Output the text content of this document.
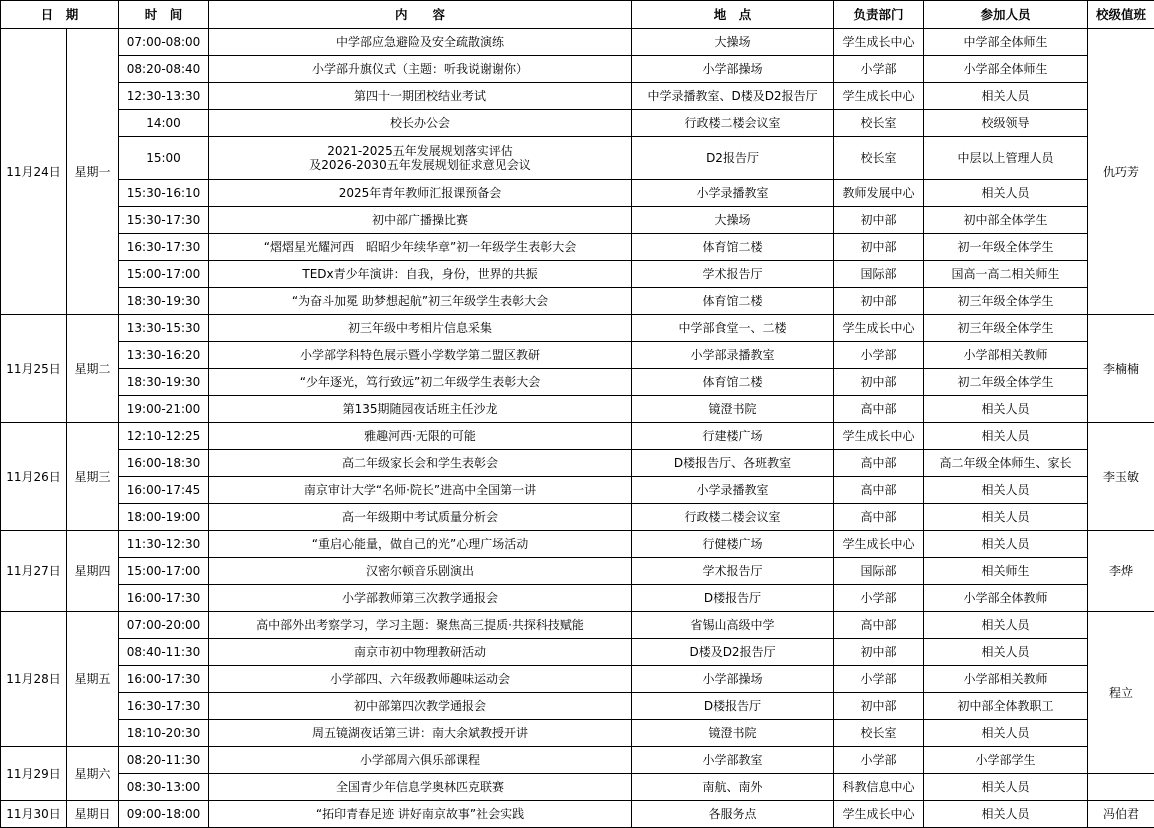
日　期		时　间	内　　容	地　点	负责部门	参加人员	校级值班	
11月24日	星期一	07:00-08:00	中学部应急避险及安全疏散演练	大操场	学生成长中心	中学部全体师生	仇巧芳	
		08:20-08:40	小学部升旗仪式（主题：听我说谢谢你）	小学部操场	小学部	小学部全体师生		
		12:30-13:30	第四十一期团校结业考试	中学录播教室、D楼及D2报告厅	学生成长中心	相关人员		
		14:00	校长办公会	行政楼二楼会议室	校长室	校级领导		
		15:00	2021-2025五年发展规划落实评估
及2026-2030五年发展规划征求意见会议	D2报告厅	校长室	中层以上管理人员		
		15:30-16:10	2025年青年教师汇报课预备会	小学录播教室	教师发展中心	相关人员		
		15:30-17:30	初中部广播操比赛	大操场	初中部	初中部全体学生		
		16:30-17:30	“熠熠星光耀河西　昭昭少年续华章”初一年级学生表彰大会	体育馆二楼	初中部	初一年级全体学生		
		15:00-17:00	TEDx青少年演讲：自我，身份，世界的共振	学术报告厅	国际部	国高一高二相关师生		
		18:30-19:30	“为奋斗加冕 助梦想起航”初三年级学生表彰大会	体育馆二楼	初中部	初三年级全体学生		
11月25日	星期二	13:30-15:30	初三年级中考相片信息采集	中学部食堂一、二楼	学生成长中心	初三年级全体学生	李楠楠	
		13:30-16:20	小学部学科特色展示暨小学数学第二盟区教研	小学部录播教室	小学部	小学部相关教师		
		18:30-19:30	“少年逐光，笃行致远”初二年级学生表彰大会	体育馆二楼	初中部	初二年级全体学生		
		19:00-21:00	第135期随园夜话班主任沙龙	镜澄书院	高中部	相关人员		
11月26日	星期三	12:10-12:25	雅趣河西·无限的可能	行建楼广场	学生成长中心	相关人员	李玉敏	
		16:00-18:30	高二年级家长会和学生表彰会	D楼报告厅、各班教室	高中部	高二年级全体师生、家长		
		16:00-17:45	南京审计大学“名师·院长”进高中全国第一讲	小学录播教室	高中部	相关人员		
		18:00-19:00	高一年级期中考试质量分析会	行政楼二楼会议室	高中部	相关人员		
11月27日	星期四	11:30-12:30	“重启心能量，做自己的光”心理广场活动	行健楼广场	学生成长中心	相关人员	李烨	
		15:00-17:00	汉密尔顿音乐剧演出	学术报告厅	国际部	相关师生		
		16:00-17:30	小学部教师第三次教学通报会	D楼报告厅	小学部	小学部全体教师		
11月28日	星期五	07:00-20:00	高中部外出考察学习，学习主题：聚焦高三提质·共探科技赋能	省锡山高级中学	高中部	相关人员	程立	
		08:40-11:30	南京市初中物理教研活动	D楼及D2报告厅	初中部	相关人员		
		16:00-17:30	小学部四、六年级教师趣味运动会	小学部操场	小学部	小学部相关教师		
		16:30-17:30	初中部第四次教学通报会	D楼报告厅	初中部	初中部全体教职工		
		18:10-20:30	周五镜湖夜话第三讲：南大余斌教授开讲	镜澄书院	校长室	相关人员		
11月29日	星期六	08:20-11:30	小学部周六俱乐部课程	小学部教室	小学部	小学部学生	
		08:30-13:00	全国青少年信息学奥林匹克联赛	南航、南外	科教信息中心	相关人员		
11月30日	星期日	09:00-18:00	“拓印青春足迹 讲好南京故事”社会实践	各服务点	学生成长中心	相关人员	冯伯君	
